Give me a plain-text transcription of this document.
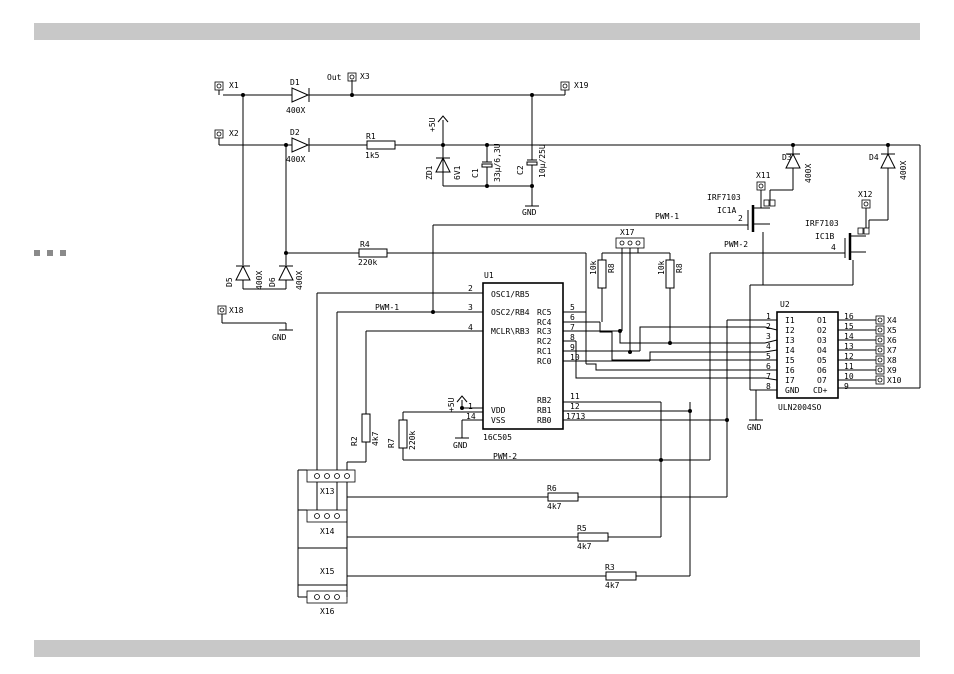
X1	D1
400X
Out X3
X19
X2	D2
400X
R1
1k5
+5U
ZD1 6V1 C1 33µ/6,3U C2 10µ/25U
GND
D5	400X D6 400X
R4
220k
X18
GND
U1
16C505
OSC1/RB5
OSC2/RB4
MCLR\RB3
VDD
VSS
RC5
RC4
RC3
RC2
RC1
RC0
RB2
RB1
RB0
2
3
4
1
14
5
6
7
8
9
10
11
12
1713
PWM-1
PWM-1
R2 4k7
+5U
GND
R7 220k
PWM-2
PWM-2
10k R8	10k R8
X17
R6
4k7
R5
4k7
R3
4k7
X13
X14
X15
X16
IRF7103
IC1A
2
X11
D3
400X
IRF7103
IC1B
4
X12
D4
400X
U2
ULN2004SO
I1
I2
I3
I4
I5
I6
I7
GND
O1
O2
O3
O4
O5
O6
O7
CD+
1
2
3
4
5
6
7
8
16
15
14
13
12
11
10
9
GND
X4
X5
X6
X7
X8
X9
X10
